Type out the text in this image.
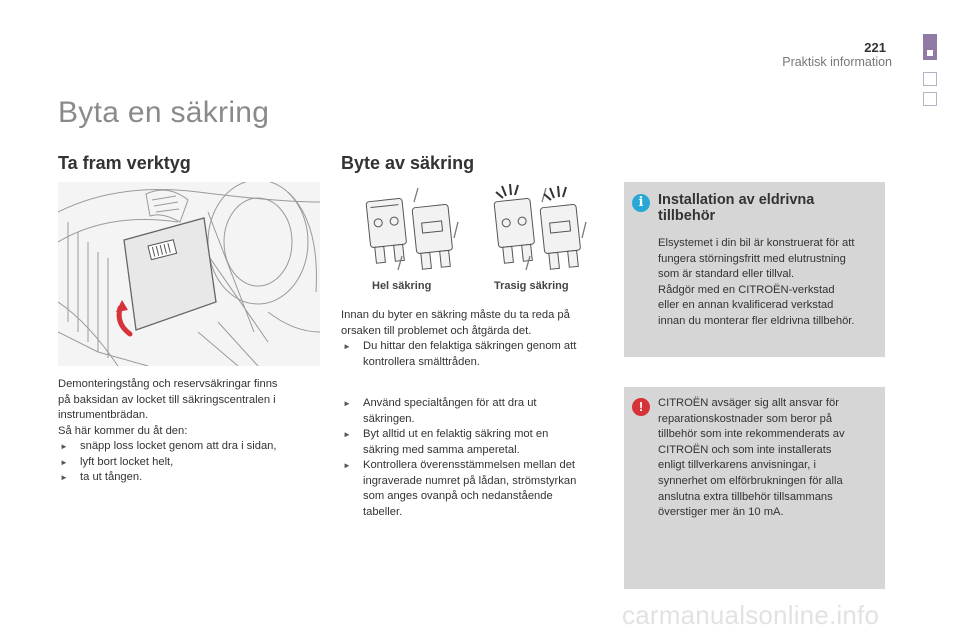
221
Praktisk information
Byta en säkring
Ta fram verktyg
Demonteringstång och reservsäkringar finns
på baksidan av locket till säkringscentralen i
instrumentbrädan.
Så här kommer du åt den:
► snäpp loss locket genom att dra i sidan,
► lyft bort locket helt,
► ta ut tången.
Byte av säkring
Hel säkring	Trasig säkring
Innan du byter en säkring måste du ta reda på
orsaken till problemet och åtgärda det.
► Du hittar den felaktiga säkringen genom att
kontrollera smälttråden.
► Använd specialtången för att dra ut
säkringen.
► Byt alltid ut en felaktig säkring mot en
säkring med samma amperetal.
► Kontrollera överensstämmelsen mellan det
ingraverade numret på lådan, strömstyrkan
som anges ovanpå och nedanstående
tabeller.
i	Installation av eldrivna
tillbehör
Elsystemet i din bil är konstruerat för att
fungera störningsfritt med elutrustning
som är standard eller tillval.
Rådgör med en CITROËN-verkstad
eller en annan kvalificerad verkstad
innan du monterar fler eldrivna tillbehör.
!	CITROËN avsäger sig allt ansvar för
reparationskostnader som beror på
tillbehör som inte rekommenderats av
CITROËN och som inte installerats
enligt tillverkarens anvisningar, i
synnerhet om elförbrukningen för alla
anslutna extra tillbehör tillsammans
överstiger mer än 10 mA.
carmanualsonline.info
